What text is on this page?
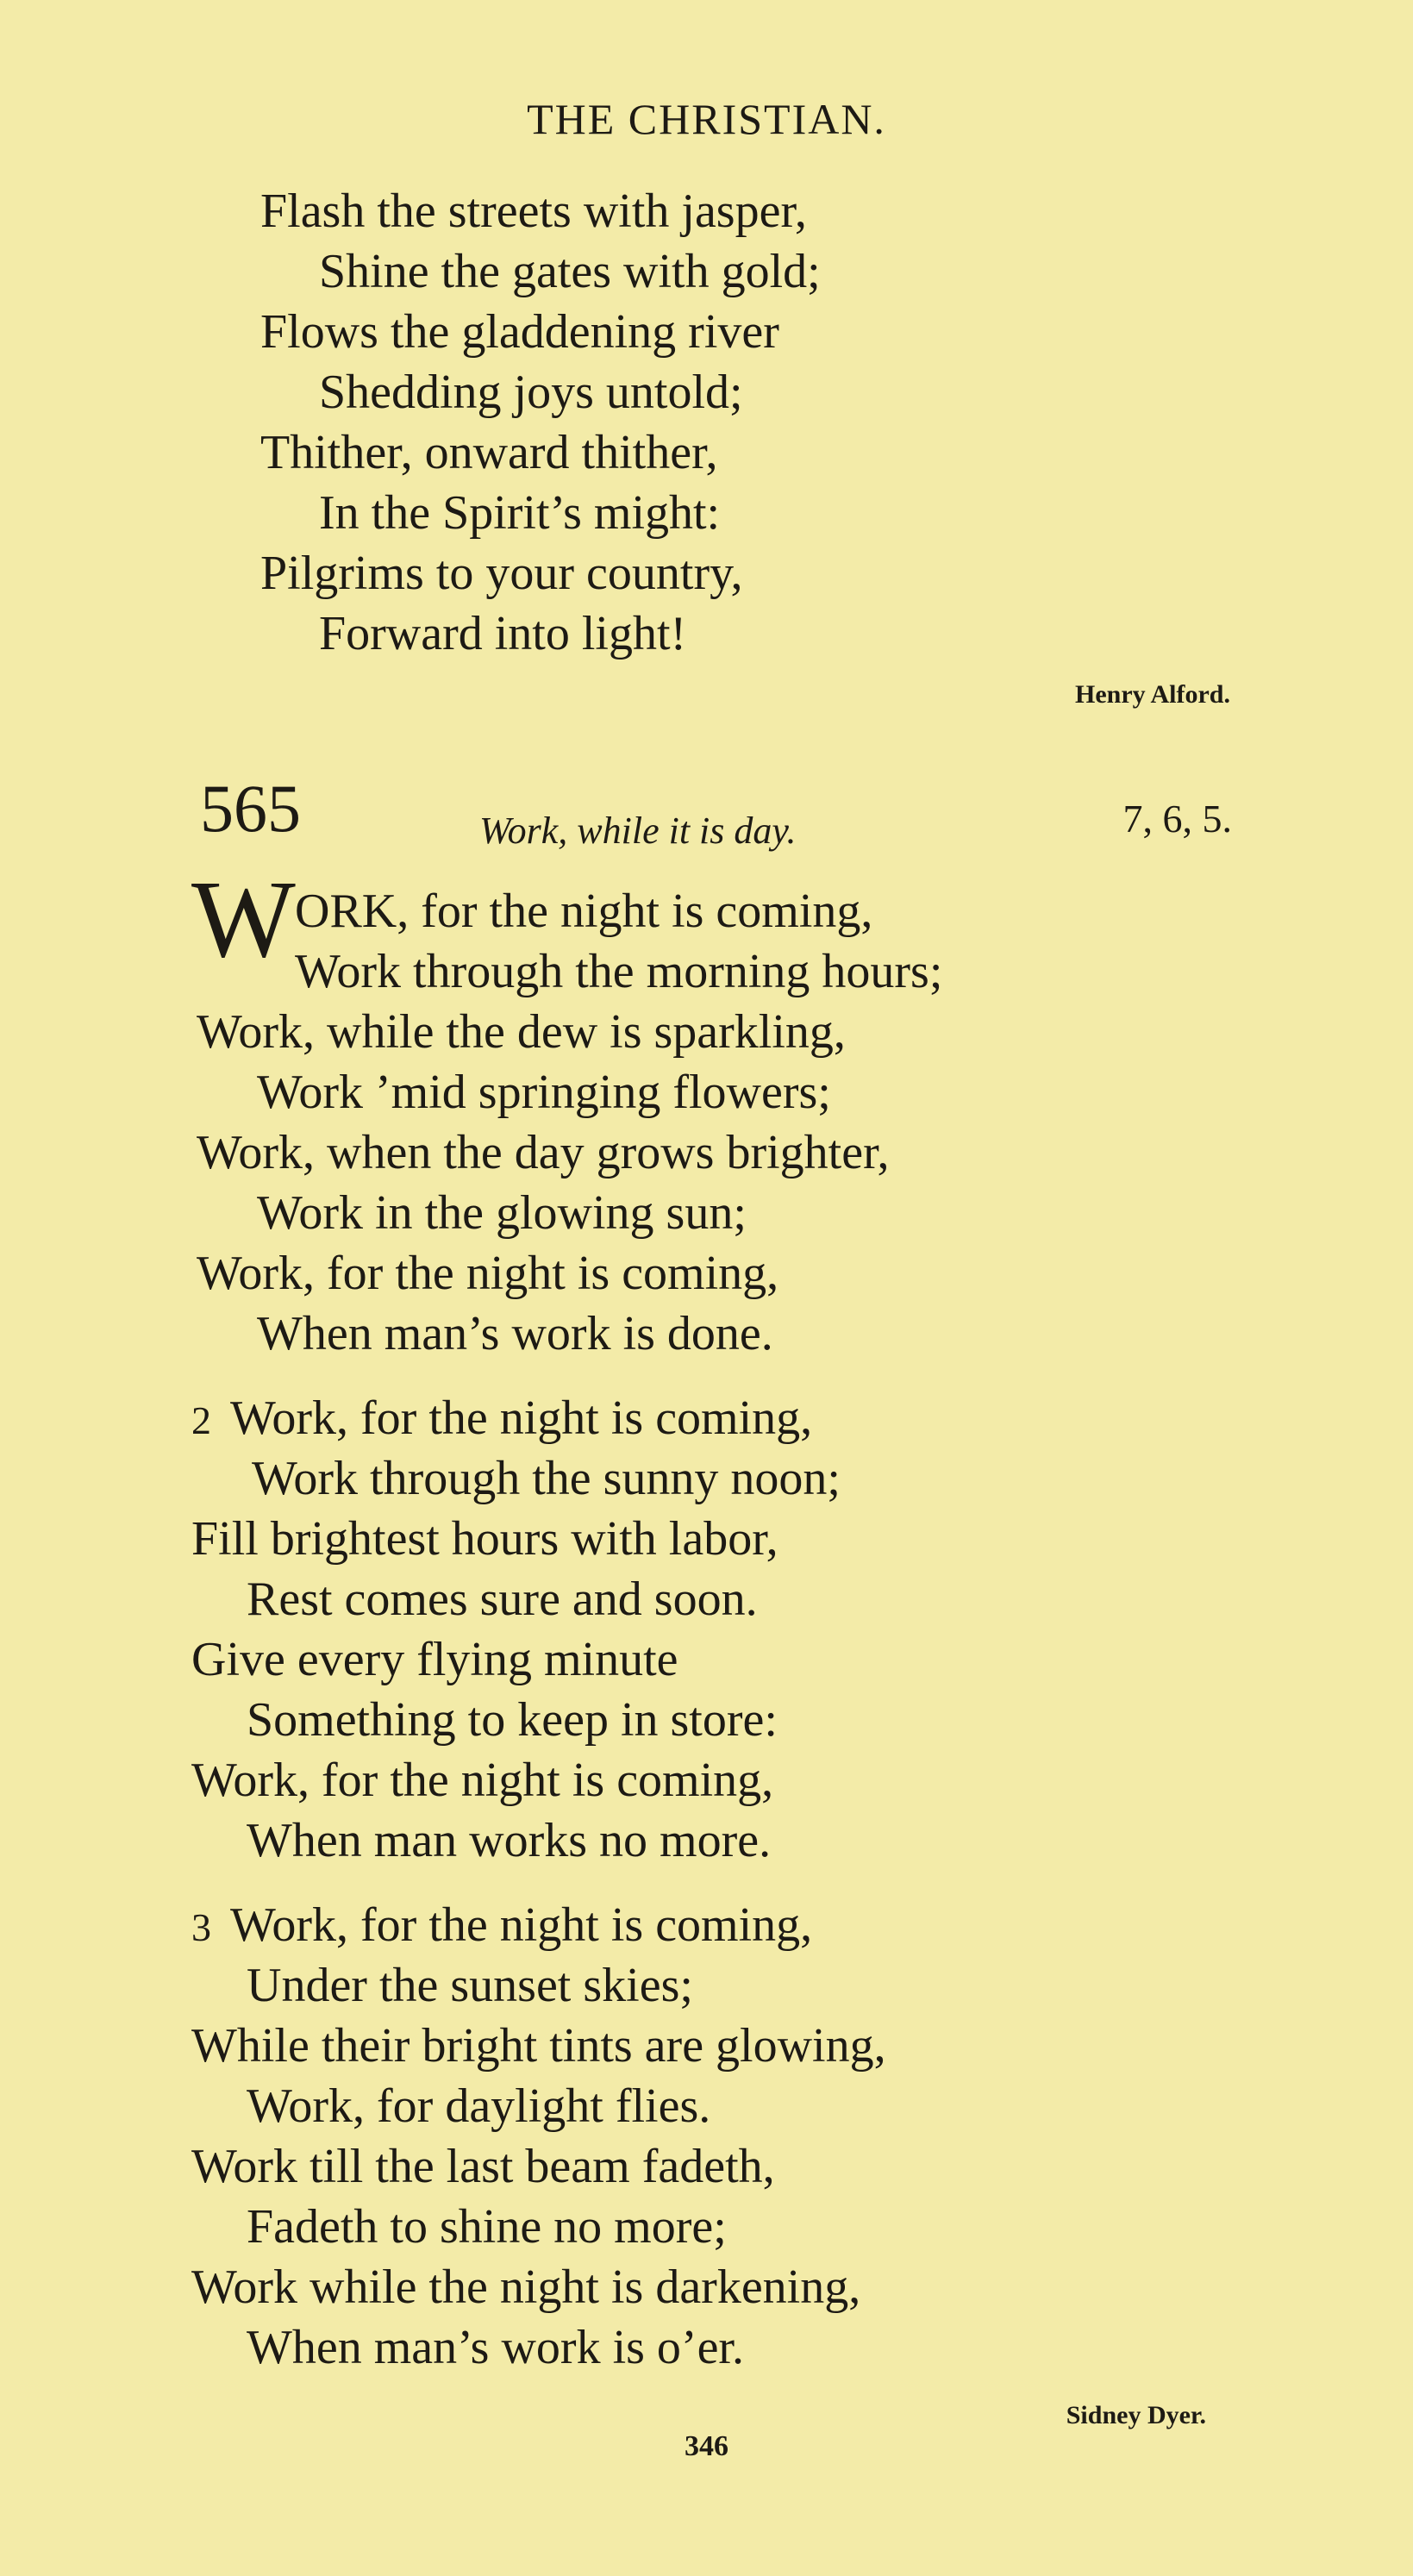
THE CHRISTIAN.
Flash the streets with jasper,
Shine the gates with gold;
Flows the gladdening river
Shedding joys untold;
Thither, onward thither,
In the Spirit’s might:
Pilgrims to your country,
Forward into light!
Henry Alford.
565	Work, while it is day.	7, 6, 5.
W ORK, for the night is coming,
Work through the morning hours;
Work, while the dew is sparkling,
Work ’mid springing flowers;
Work, when the day grows brighter,
Work in the glowing sun;
Work, for the night is coming,
When man’s work is done.
2 Work, for the night is coming,
Work through the sunny noon;
Fill brightest hours with labor,
Rest comes sure and soon.
Give every flying minute
Something to keep in store:
Work, for the night is coming,
When man works no more.
3 Work, for the night is coming,
Under the sunset skies;
While their bright tints are glowing,
Work, for daylight flies.
Work till the last beam fadeth,
Fadeth to shine no more;
Work while the night is darkening,
When man’s work is o’er.
Sidney Dyer.
346
